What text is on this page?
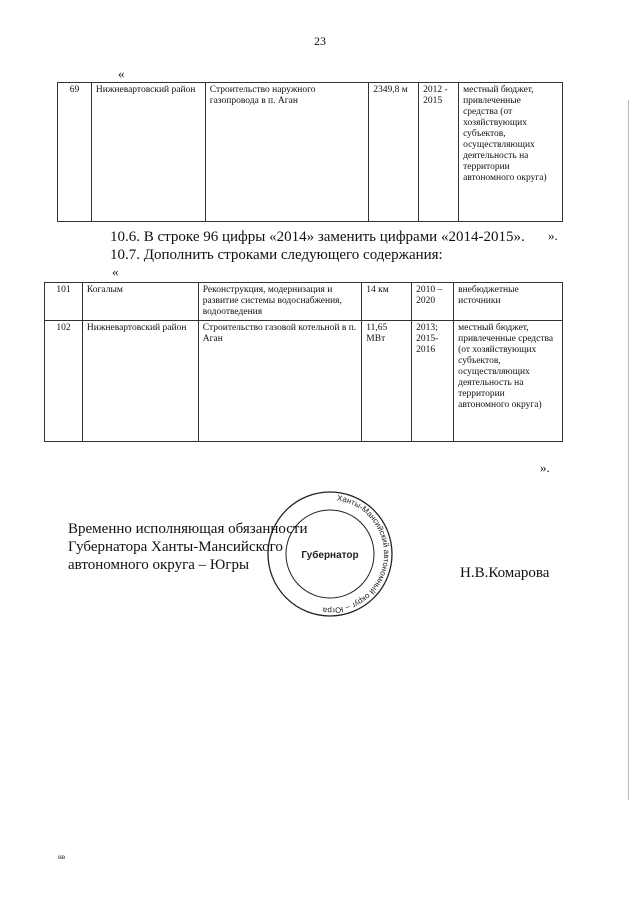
23
«
69	Нижневартовский район	Строительство наружного газопровода в п. Аган	2349,8 м	2012 - 2015	местный бюджет, привлеченные средства (от хозяйствующих субъектов, осуществляющих деятельность на территории автономного округа)
».
10.6. В строке 96 цифры «2014» заменить цифрами «2014-2015».
10.7. Дополнить строками следующего содержания:
«
101	Когалым	Реконструкция, модернизация и развитие системы водоснабжения, водоотведения	14 км	2010 – 2020	внебюджетные источники
102	Нижневартовский район	Строительство газовой котельной в п. Аган	11,65 МВт	2013; 2015-2016	местный бюджет, привлеченные средства (от хозяйствующих субъектов, осуществляющих деятельность на территории автономного округа)
».
Ханты-Мансийский автономный округ – Югра
Губернатор
Временно исполняющая обязанности
Губернатора Ханты-Мансийского
автономного округа – Югры	Н.В.Комарова
нв
